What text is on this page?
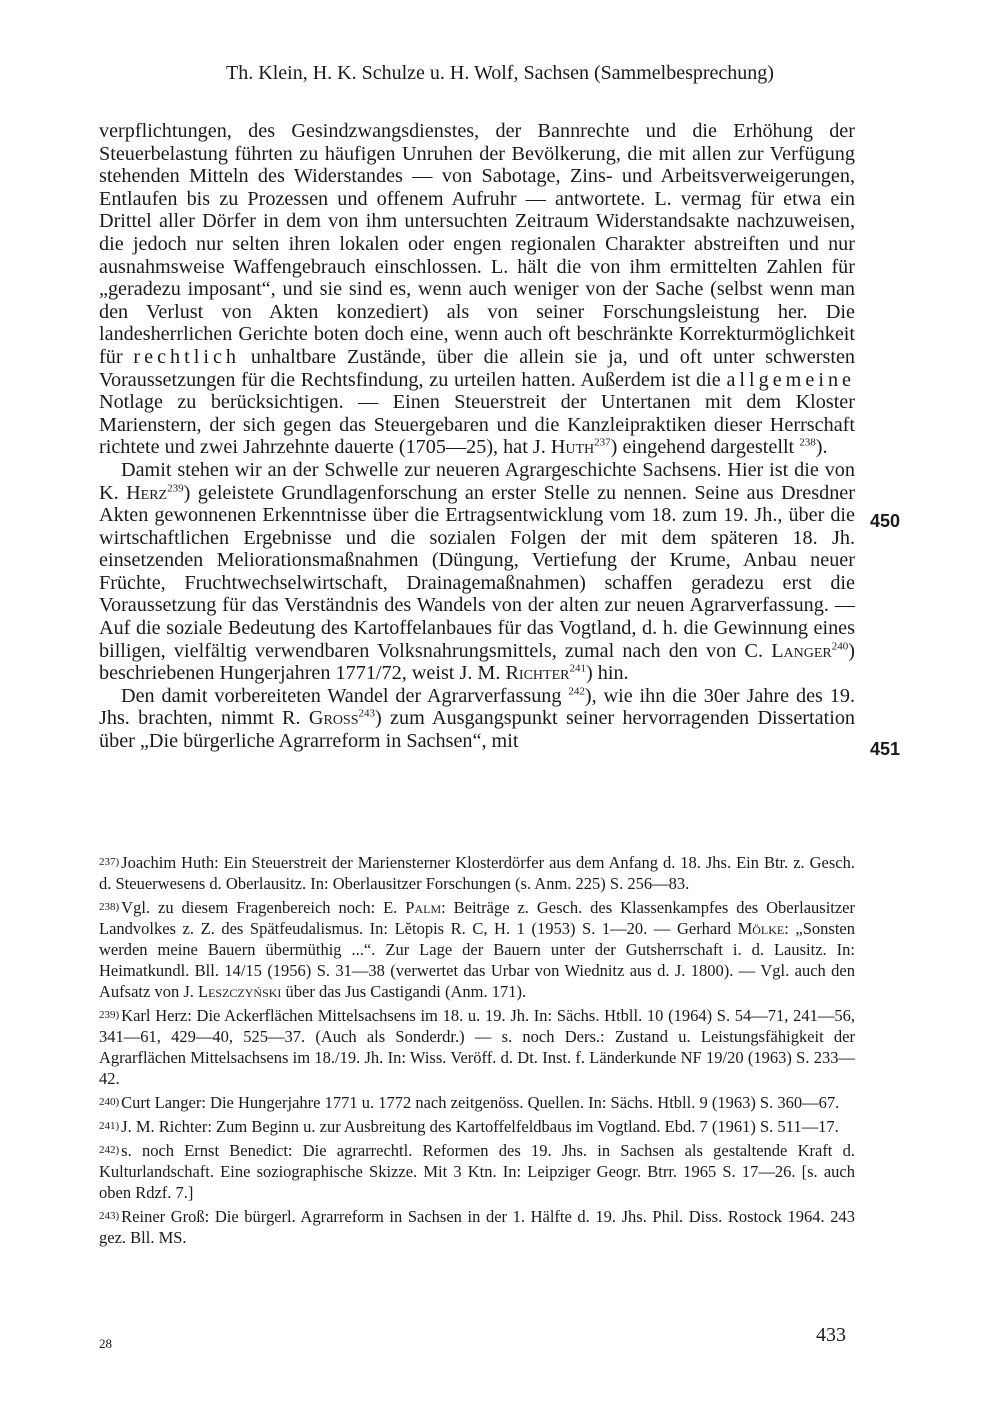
Th. Klein, H. K. Schulze u. H. Wolf, Sachsen (Sammelbesprechung)

verpflichtungen, des Gesindzwangsdienstes, der Bannrechte und die Erhöhung der Steuerbelastung führten zu häufigen Unruhen der Bevölkerung, die mit allen zur Verfügung stehenden Mitteln des Widerstandes — von Sabotage, Zins- und Arbeitsverweigerungen, Entlaufen bis zu Prozessen und offenem Aufruhr — antwortete. L. vermag für etwa ein Drittel aller Dörfer in dem von ihm untersuchten Zeitraum Widerstandsakte nachzuweisen, die jedoch nur selten ihren lokalen oder engen regionalen Charakter abstreiften und nur ausnahmsweise Waffengebrauch einschlossen. L. hält die von ihm ermittelten Zahlen für „geradezu imposant“, und sie sind es, wenn auch weniger von der Sache (selbst wenn man den Verlust von Akten konzediert) als von seiner Forschungsleistung her. Die landesherrlichen Gerichte boten doch eine, wenn auch oft beschränkte Korrekturmöglichkeit für rechtlich unhaltbare Zustände, über die allein sie ja, und oft unter schwersten Voraussetzungen für die Rechtsfindung, zu urteilen hatten. Außerdem ist die allgemeine Notlage zu berücksichtigen. — Einen Steuerstreit der Untertanen mit dem Kloster Marienstern, der sich gegen das Steuergebaren und die Kanzleipraktiken dieser Herrschaft richtete und zwei Jahrzehnte dauerte (1705—25), hat J. Huth$^{237}$) eingehend dargestellt $^{238}$).

Damit stehen wir an der Schwelle zur neueren Agrargeschichte Sachsens. Hier ist die von K. Herz$^{239}$) geleistete Grundlagenforschung an erster Stelle zu nennen. Seine aus Dresdner Akten gewonnenen Erkenntnisse über die Ertragsentwicklung vom 18. zum 19. Jh., über die wirtschaftlichen Ergebnisse und die sozialen Folgen der mit dem späteren 18. Jh. einsetzenden Meliorationsmaßnahmen (Düngung, Vertiefung der Krume, Anbau neuer Früchte, Fruchtwechselwirtschaft, Drainagemaßnahmen) schaffen geradezu erst die Voraussetzung für das Verständnis des Wandels von der alten zur neuen Agrarverfassung. — Auf die soziale Bedeutung des Kartoffelanbaues für das Vogtland, d. h. die Gewinnung eines billigen, vielfältig verwendbaren Volksnahrungsmittels, zumal nach den von C. Langer$^{240}$) beschriebenen Hungerjahren 1771/72, weist J. M. Richter$^{241}$) hin.

Den damit vorbereiteten Wandel der Agrarverfassung $^{242}$), wie ihn die 30er Jahre des 19. Jhs. brachten, nimmt R. Gross$^{243}$) zum Ausgangspunkt seiner hervorragenden Dissertation über „Die bürgerliche Agrarreform in Sachsen“, mit

450
451

$^{237)}$ Joachim Huth: Ein Steuerstreit der Mariensterner Klosterdörfer aus dem Anfang d. 18. Jhs. Ein Btr. z. Gesch. d. Steuerwesens d. Oberlausitz. In: Oberlausitzer Forschungen (s. Anm. 225) S. 256—83.

$^{238)}$ Vgl. zu diesem Fragenbereich noch: E. Palm: Beiträge z. Gesch. des Klassenkampfes des Oberlausitzer Landvolkes z. Z. des Spätfeudalismus. In: Lĕtopis R. C, H. 1 (1953) S. 1—20. — Gerhard Mölke: „Sonsten werden meine Bauern übermüthig ...“. Zur Lage der Bauern unter der Gutsherrschaft i. d. Lausitz. In: Heimatkundl. Bll. 14/15 (1956) S. 31—38 (verwertet das Urbar von Wiednitz aus d. J. 1800). — Vgl. auch den Aufsatz von J. Leszczyński über das Jus Castigandi (Anm. 171).

$^{239)}$ Karl Herz: Die Ackerflächen Mittelsachsens im 18. u. 19. Jh. In: Sächs. Htbll. 10 (1964) S. 54—71, 241—56, 341—61, 429—40, 525—37. (Auch als Sonderdr.) — s. noch Ders.: Zustand u. Leistungsfähigkeit der Agrarflächen Mittelsachsens im 18./19. Jh. In: Wiss. Veröff. d. Dt. Inst. f. Länderkunde NF 19/20 (1963) S. 233—42.

$^{240)}$ Curt Langer: Die Hungerjahre 1771 u. 1772 nach zeitgenöss. Quellen. In: Sächs. Htbll. 9 (1963) S. 360—67.

$^{241)}$ J. M. Richter: Zum Beginn u. zur Ausbreitung des Kartoffelfeldbaus im Vogtland. Ebd. 7 (1961) S. 511—17.

$^{242)}$ s. noch Ernst Benedict: Die agrarrechtl. Reformen des 19. Jhs. in Sachsen als gestaltende Kraft d. Kulturlandschaft. Eine soziographische Skizze. Mit 3 Ktn. In: Leipziger Geogr. Btrr. 1965 S. 17—26. [s. auch oben Rdzf. 7.]

$^{243)}$ Reiner Groß: Die bürgerl. Agrarreform in Sachsen in der 1. Hälfte d. 19. Jhs. Phil. Diss. Rostock 1964. 243 gez. Bll. MS.

28	433
